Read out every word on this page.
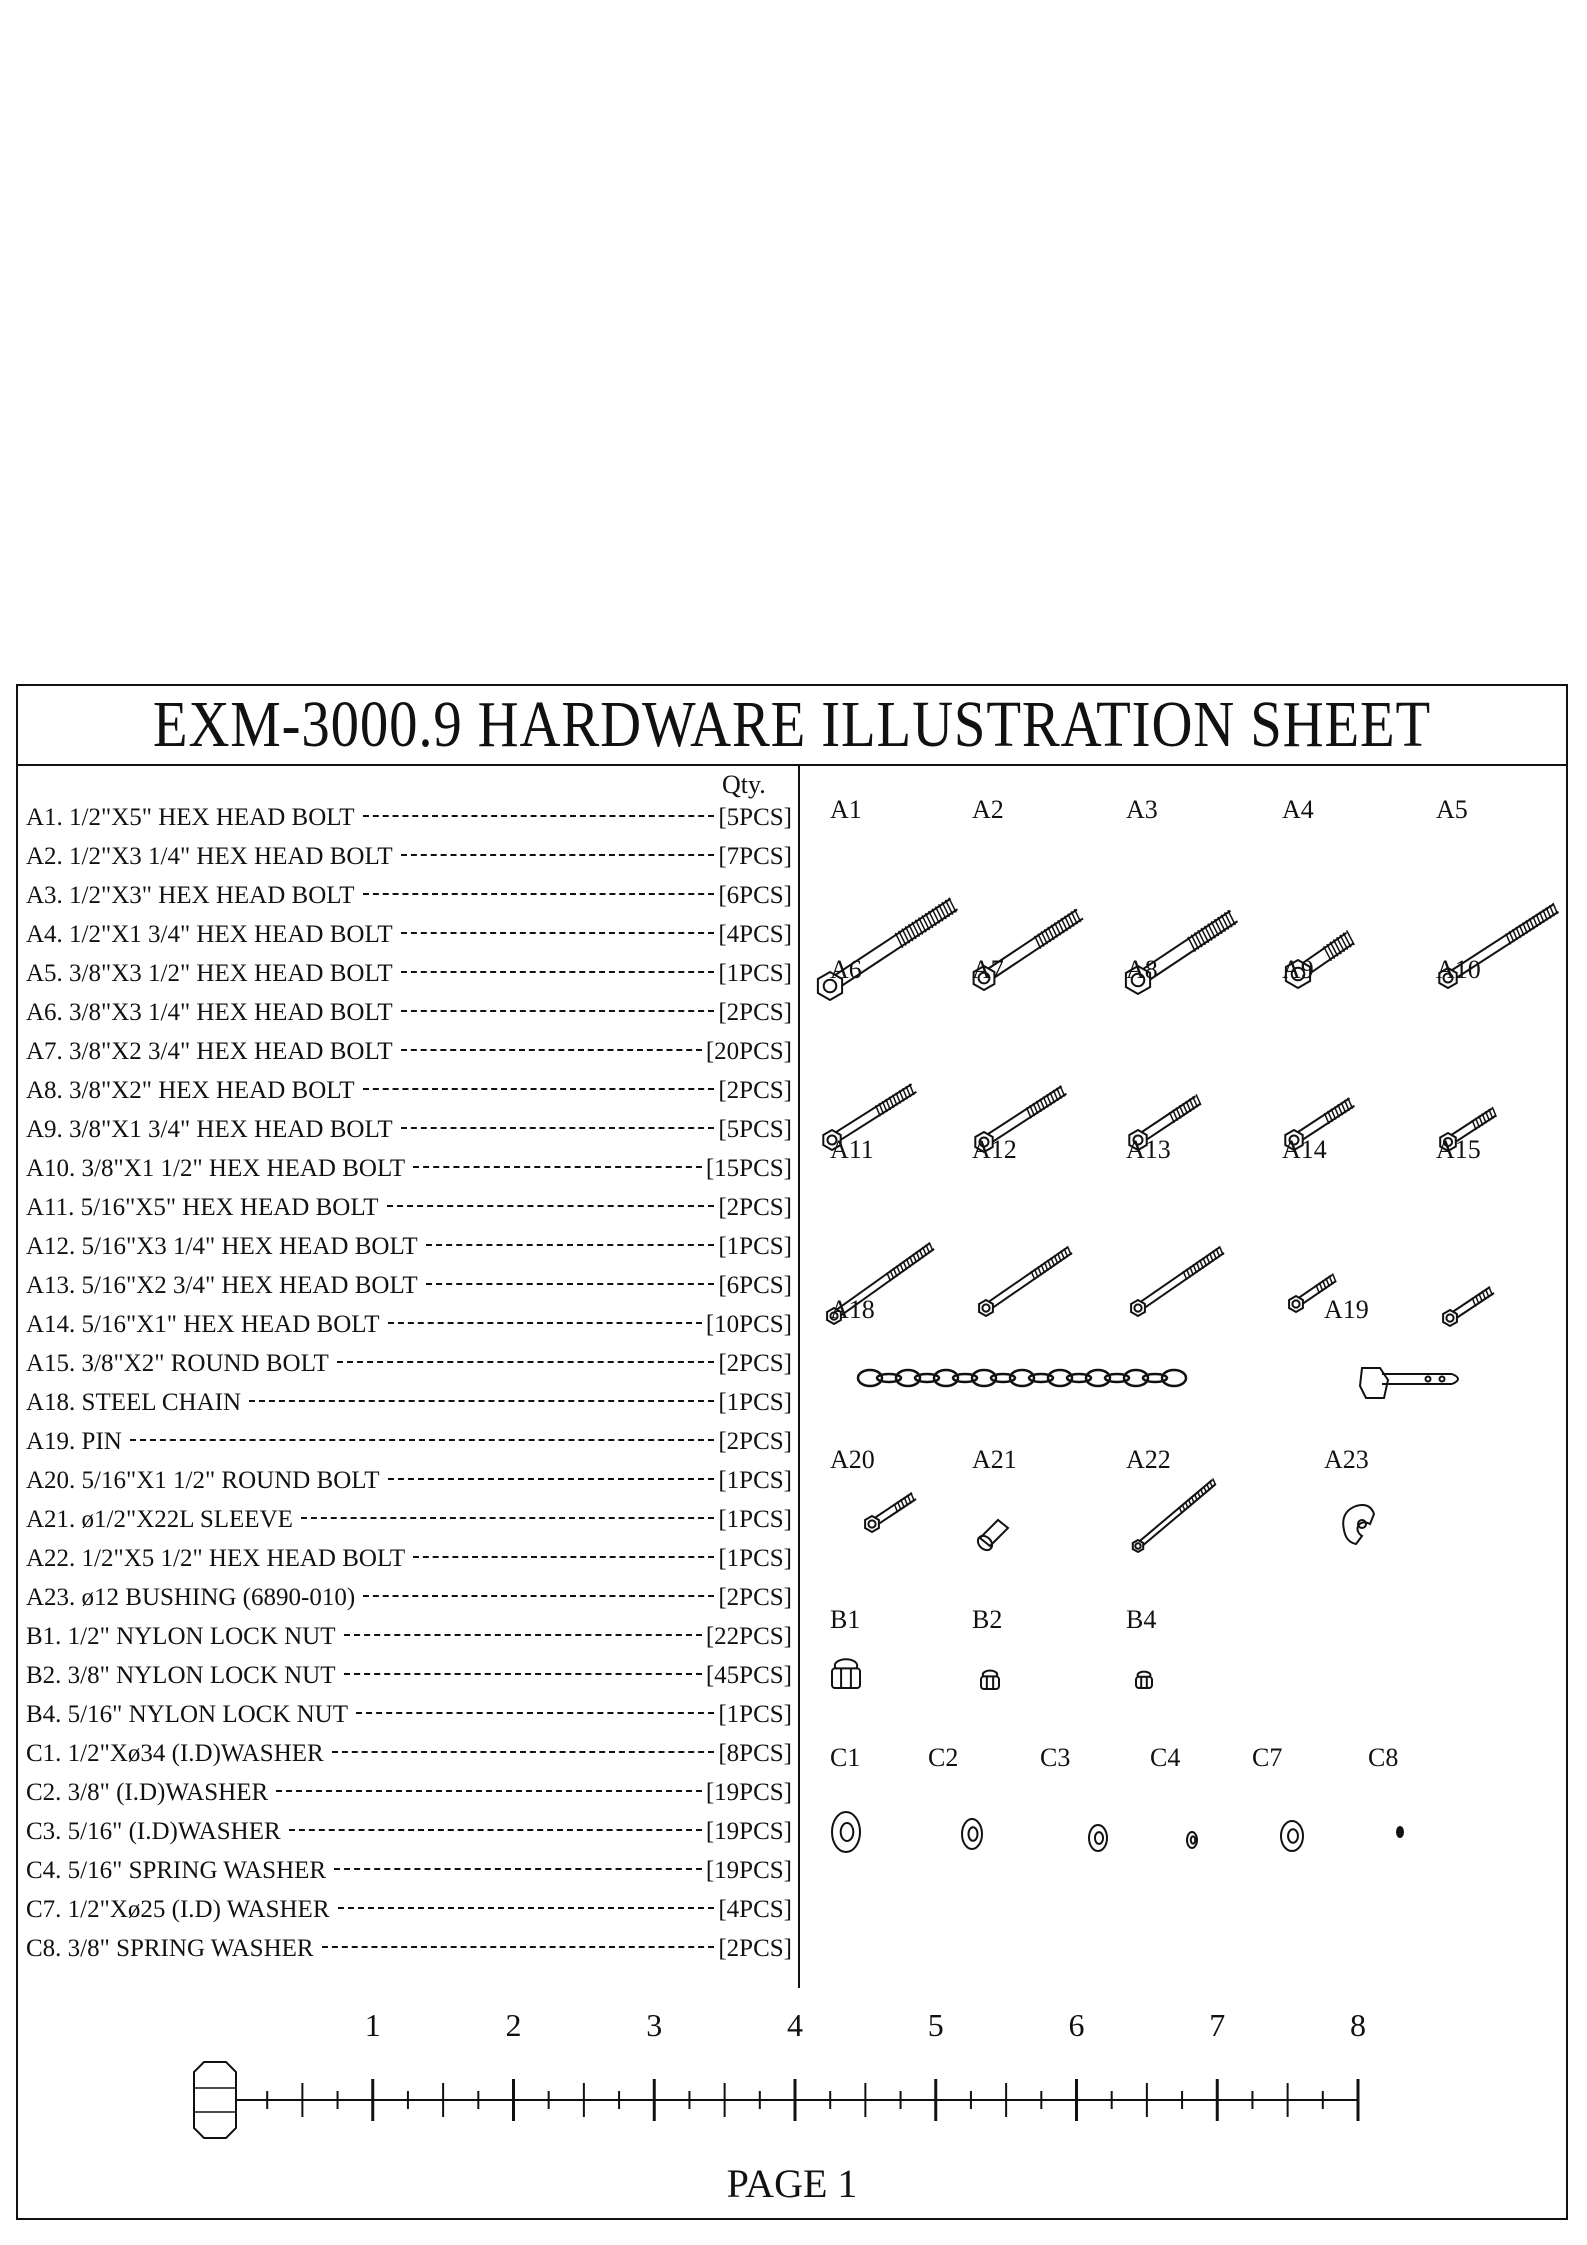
EXM-3000.9 HARDWARE ILLUSTRATION SHEET
Qty.
A1. 1/2"X5" HEX HEAD BOLT	[5PCS]
A2. 1/2"X3 1/4" HEX HEAD BOLT	[7PCS]
A3. 1/2"X3" HEX HEAD BOLT	[6PCS]
A4. 1/2"X1 3/4" HEX HEAD BOLT	[4PCS]
A5. 3/8"X3 1/2" HEX HEAD BOLT	[1PCS]
A6. 3/8"X3 1/4" HEX HEAD BOLT	[2PCS]
A7. 3/8"X2 3/4" HEX HEAD BOLT	[20PCS]
A8. 3/8"X2" HEX HEAD BOLT	[2PCS]
A9. 3/8"X1 3/4" HEX HEAD BOLT	[5PCS]
A10. 3/8"X1 1/2" HEX HEAD BOLT	[15PCS]
A11. 5/16"X5" HEX HEAD BOLT	[2PCS]
A12. 5/16"X3 1/4" HEX HEAD BOLT	[1PCS]
A13. 5/16"X2 3/4" HEX HEAD BOLT	[6PCS]
A14. 5/16"X1" HEX HEAD BOLT	[10PCS]
A15. 3/8"X2" ROUND BOLT	[2PCS]
A18. STEEL CHAIN	[1PCS]
A19. PIN	[2PCS]
A20. 5/16"X1 1/2" ROUND BOLT	[1PCS]
A21. ø1/2"X22L SLEEVE	[1PCS]
A22. 1/2"X5 1/2" HEX HEAD BOLT	[1PCS]
A23. ø12 BUSHING (6890-010)	[2PCS]
B1. 1/2" NYLON LOCK NUT	[22PCS]
B2. 3/8" NYLON LOCK NUT	[45PCS]
B4. 5/16" NYLON LOCK NUT	[1PCS]
C1. 1/2"Xø34 (I.D)WASHER	[8PCS]
C2. 3/8" (I.D)WASHER	[19PCS]
C3. 5/16" (I.D)WASHER	[19PCS]
C4. 5/16" SPRING WASHER	[19PCS]
C7. 1/2"Xø25 (I.D) WASHER	[4PCS]
C8. 3/8" SPRING WASHER	[2PCS]
A1	A2	A3	A4	A5
A6	A7	A8	A9	A10
A11	A12	A13	A14	A15
A18	A19
A20	A21	A22	A23
B1	B2	B4
C1	C2	C3	C4	C7	C8
1	2	3	4	5	6	7	8
PAGE 1
